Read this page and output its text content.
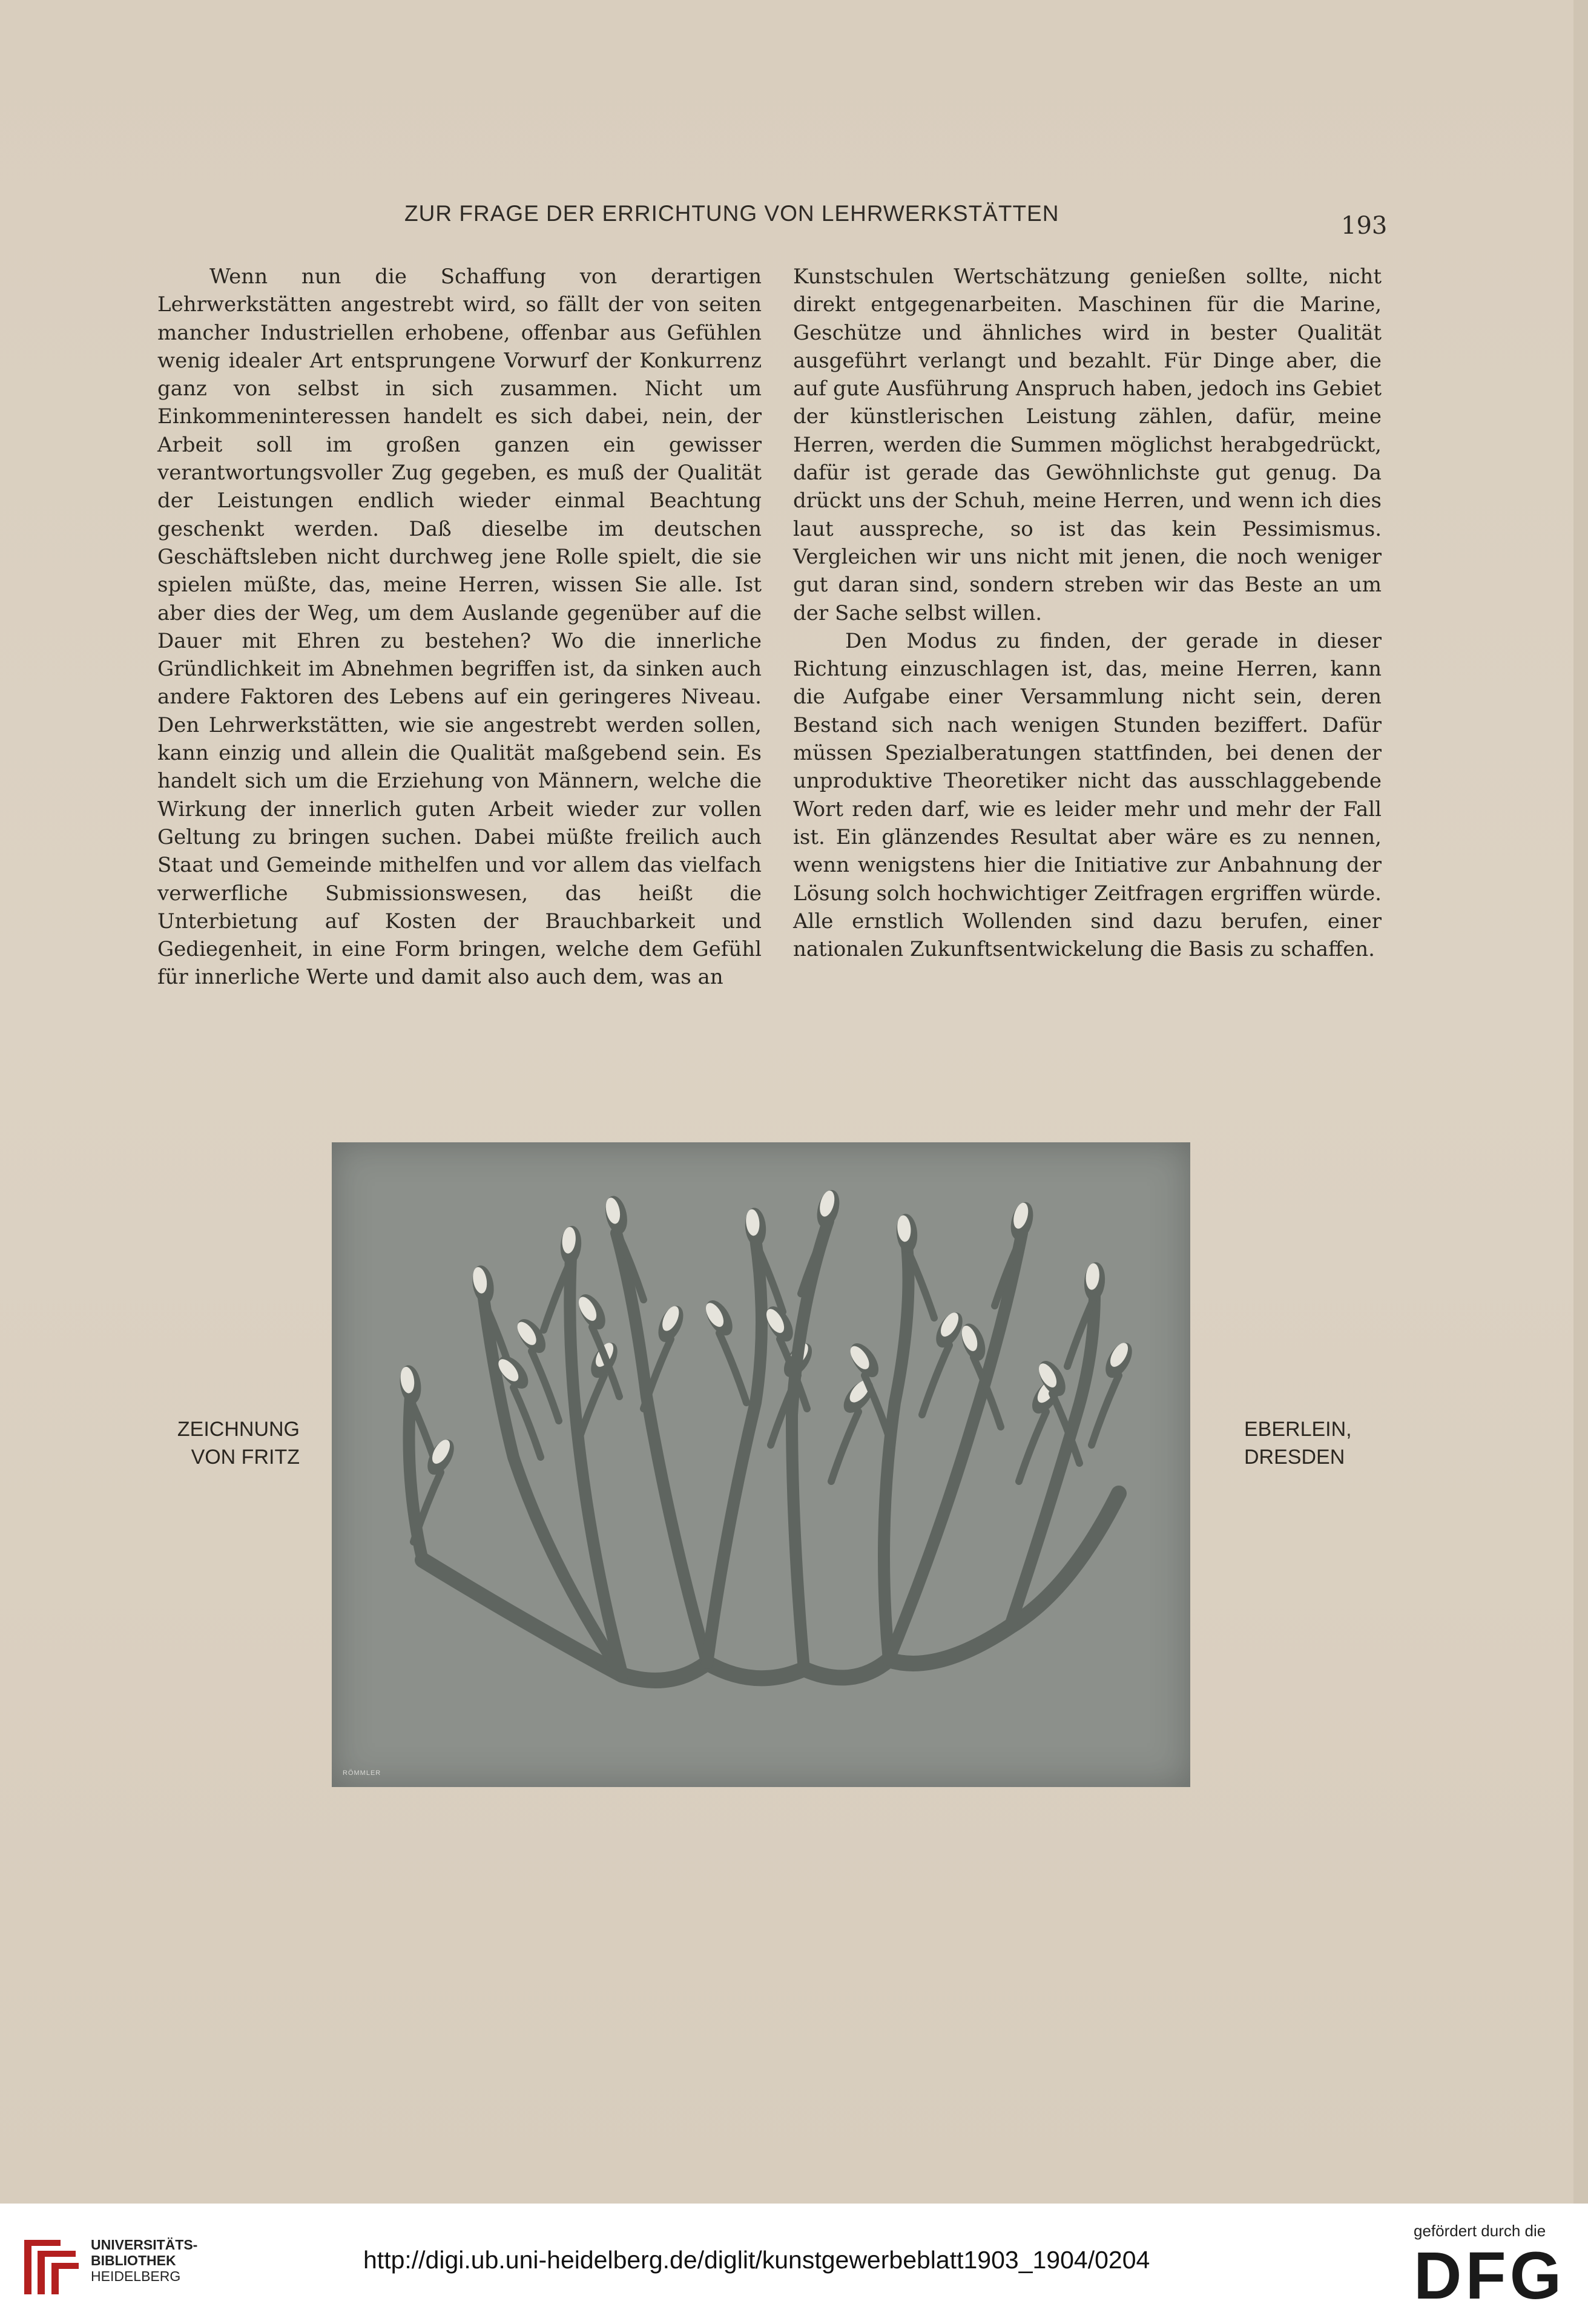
ZUR FRAGE DER ERRICHTUNG VON LEHRWERKSTÄTTEN	193

Wenn nun die Schaffung von derartigen Lehrwerkstätten angestrebt wird, so fällt der von seiten mancher Industriellen erhobene, offenbar aus Gefühlen wenig idealer Art entsprungene Vorwurf der Konkurrenz ganz von selbst in sich zusammen. Nicht um Einkommeninteressen handelt es sich dabei, nein, der Arbeit soll im großen ganzen ein gewisser verantwortungsvoller Zug gegeben, es muß der Qualität der Leistungen endlich wieder einmal Beachtung geschenkt werden. Daß dieselbe im deutschen Geschäftsleben nicht durchweg jene Rolle spielt, die sie spielen müßte, das, meine Herren, wissen Sie alle. Ist aber dies der Weg, um dem Auslande gegenüber auf die Dauer mit Ehren zu bestehen? Wo die innerliche Gründlichkeit im Abnehmen begriffen ist, da sinken auch andere Faktoren des Lebens auf ein geringeres Niveau. Den Lehrwerkstätten, wie sie angestrebt werden sollen, kann einzig und allein die Qualität maßgebend sein. Es handelt sich um die Erziehung von Männern, welche die Wirkung der innerlich guten Arbeit wieder zur vollen Geltung zu bringen suchen. Dabei müßte freilich auch Staat und Gemeinde mithelfen und vor allem das vielfach verwerfliche Submissionswesen, das heißt die Unterbietung auf Kosten der Brauchbarkeit und Gediegenheit, in eine Form bringen, welche dem Gefühl für innerliche Werte und damit also auch dem, was an

Kunstschulen Wertschätzung genießen sollte, nicht direkt entgegenarbeiten. Maschinen für die Marine, Geschütze und ähnliches wird in bester Qualität ausgeführt verlangt und bezahlt. Für Dinge aber, die auf gute Ausführung Anspruch haben, jedoch ins Gebiet der künstlerischen Leistung zählen, dafür, meine Herren, werden die Summen möglichst herabgedrückt, dafür ist gerade das Gewöhnlichste gut genug. Da drückt uns der Schuh, meine Herren, und wenn ich dies laut ausspreche, so ist das kein Pessimismus. Vergleichen wir uns nicht mit jenen, die noch weniger gut daran sind, sondern streben wir das Beste an um der Sache selbst willen.

Den Modus zu finden, der gerade in dieser Richtung einzuschlagen ist, das, meine Herren, kann die Aufgabe einer Versammlung nicht sein, deren Bestand sich nach wenigen Stunden beziffert. Dafür müssen Spezialberatungen stattfinden, bei denen der unproduktive Theoretiker nicht das ausschlaggebende Wort reden darf, wie es leider mehr und mehr der Fall ist. Ein glänzendes Resultat aber wäre es zu nennen, wenn wenigstens hier die Initiative zur Anbahnung der Lösung solch hochwichtiger Zeitfragen ergriffen würde. Alle ernstlich Wollenden sind dazu berufen, einer nationalen Zukunftsentwickelung die Basis zu schaffen.

ZEICHNUNG
VON FRITZ
RÖMMLER
EBERLEIN,
DRESDEN
UNIVERSITÄTS-
BIBLIOTHEK
HEIDELBERG
http://digi.ub.uni-heidelberg.de/diglit/kunstgewerbeblatt1903_1904/0204
gefördert durch die
DFG
